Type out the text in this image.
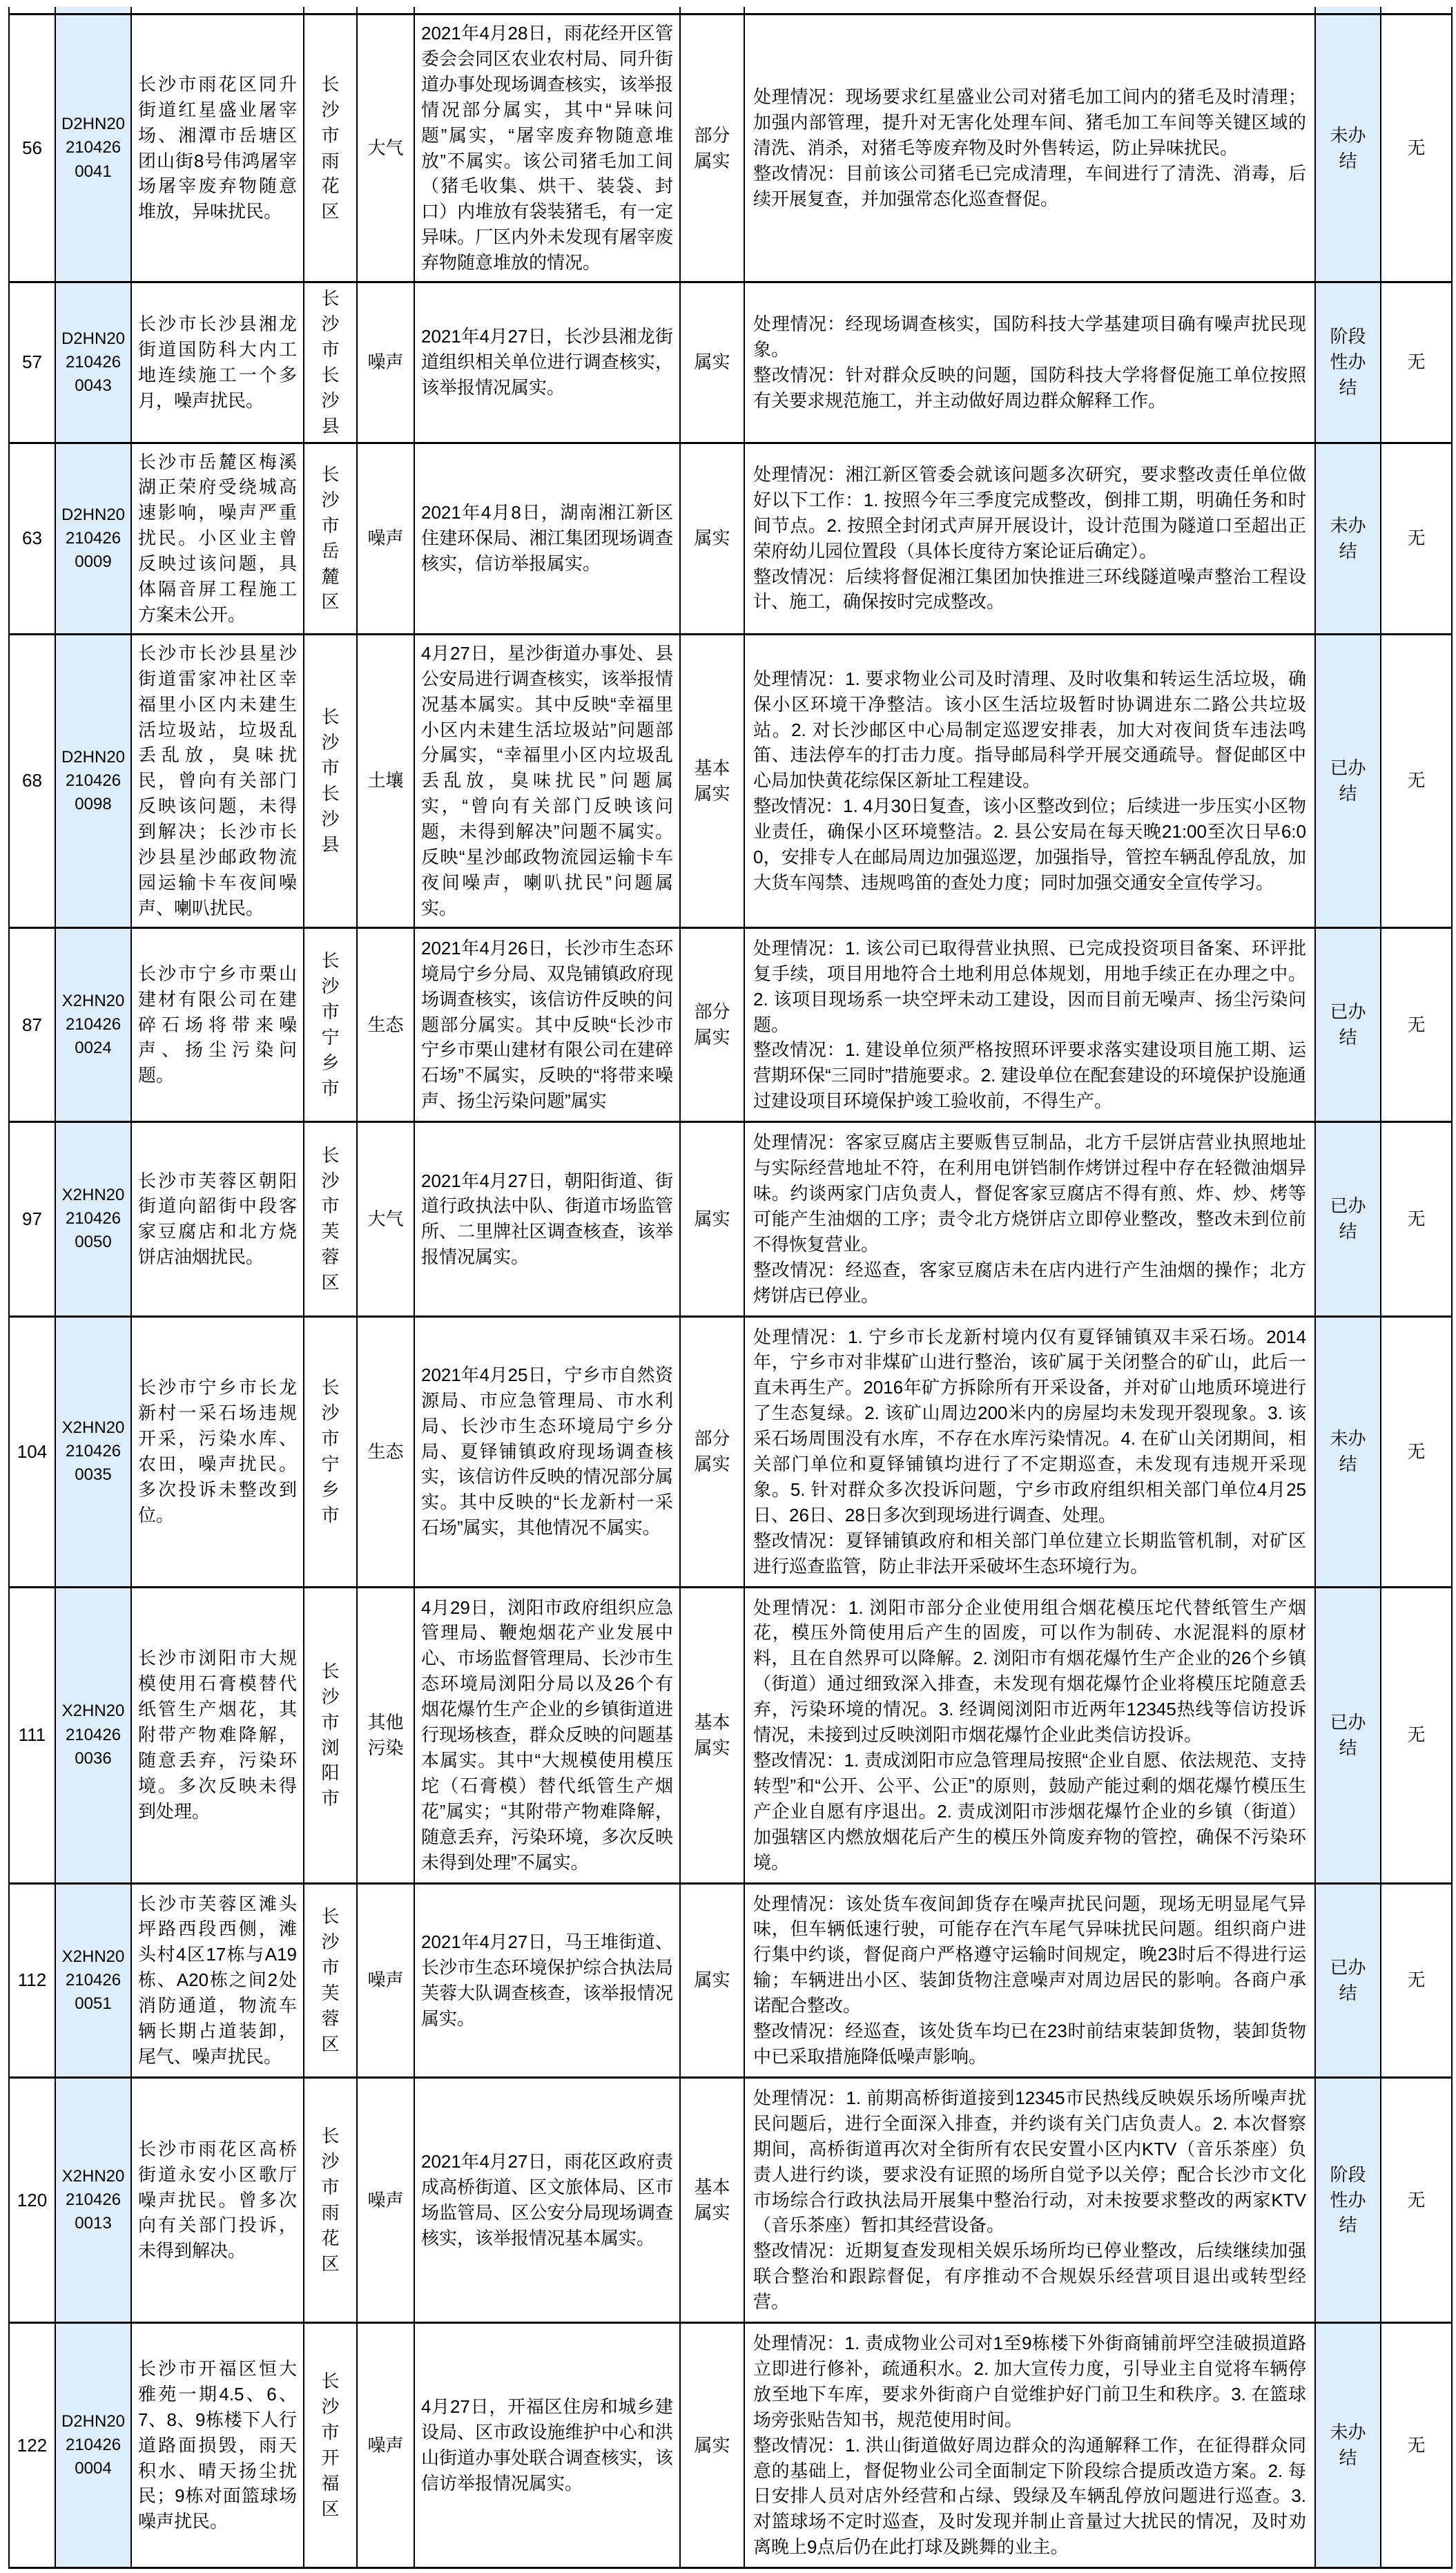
56	D2HN20 210426 0041	长沙市雨花区同升街道红星盛业屠宰场、湘潭市岳塘区团山街8号伟鸿屠宰场屠宰废弃物随意堆放，异味扰民。	长沙市雨花区	大气	2021年4月28日，雨花经开区管委会会同区农业农村局、同升街道办事处现场调查核实，该举报情况部分属实，其中“异味问题”属实，“屠宰废弃物随意堆放”不属实。该公司猪毛加工间（猪毛收集、烘干、装袋、封口）内堆放有袋装猪毛，有一定异味。厂区内外未发现有屠宰废弃物随意堆放的情况。	部分属实	处理情况：现场要求红星盛业公司对猪毛加工间内的猪毛及时清理；加强内部管理，提升对无害化处理车间、猪毛加工车间等关键区域的清洗、消杀，对猪毛等废弃物及时外售转运，防止异味扰民。

整改情况：目前该公司猪毛已完成清理，车间进行了清洗、消毒，后续开展复查，并加强常态化巡查督促。	未办结	无
57	D2HN20 210426 0043	长沙市长沙县湘龙街道国防科大内工地连续施工一个多月，噪声扰民。	长沙市长沙县	噪声	2021年4月27日，长沙县湘龙街道组织相关单位进行调查核实，该举报情况属实。	属实	处理情况：经现场调查核实，国防科技大学基建项目确有噪声扰民现象。

整改情况：针对群众反映的问题，国防科技大学将督促施工单位按照有关要求规范施工，并主动做好周边群众解释工作。	阶段性办结	无
63	D2HN20 210426 0009	长沙市岳麓区梅溪湖正荣府受绕城高速影响，噪声严重扰民。小区业主曾反映过该问题，具体隔音屏工程施工方案未公开。	长沙市岳麓区	噪声	2021年4月8日，湖南湘江新区住建环保局、湘江集团现场调查核实，信访举报属实。	属实	处理情况：湘江新区管委会就该问题多次研究，要求整改责任单位做好以下工作：1. 按照今年三季度完成整改，倒排工期，明确任务和时间节点。2. 按照全封闭式声屏开展设计，设计范围为隧道口至超出正荣府幼儿园位置段（具体长度待方案论证后确定）。

整改情况：后续将督促湘江集团加快推进三环线隧道噪声整治工程设计、施工，确保按时完成整改。	未办结	无
68	D2HN20 210426 0098	长沙市长沙县星沙街道雷家冲社区幸福里小区内未建生活垃圾站，垃圾乱丢乱放，臭味扰民，曾向有关部门反映该问题，未得到解决；长沙市长沙县星沙邮政物流园运输卡车夜间噪声、喇叭扰民。	长沙市长沙县	土壤	4月27日，星沙街道办事处、县公安局进行调查核实，该举报情况基本属实。其中反映“幸福里小区内未建生活垃圾站”问题部分属实，“幸福里小区内垃圾乱丢乱放，臭味扰民”问题属实，“曾向有关部门反映该问题，未得到解决”问题不属实。反映“星沙邮政物流园运输卡车夜间噪声，喇叭扰民”问题属实。	基本属实	处理情况：1. 要求物业公司及时清理、及时收集和转运生活垃圾，确保小区环境干净整洁。该小区生活垃圾暂时协调进东二路公共垃圾站。2. 对长沙邮区中心局制定巡逻安排表，加大对夜间货车违法鸣笛、违法停车的打击力度。指导邮局科学开展交通疏导。督促邮区中心局加快黄花综保区新址工程建设。

整改情况：1. 4月30日复查，该小区整改到位；后续进一步压实小区物业责任，确保小区环境整洁。2. 县公安局在每天晚21:00至次日早6:00，安排专人在邮局周边加强巡逻，加强指导，管控车辆乱停乱放，加大货车闯禁、违规鸣笛的查处力度；同时加强交通安全宣传学习。	已办结	无
87	X2HN20 210426 0024	长沙市宁乡市栗山建材有限公司在建碎石场将带来噪声、扬尘污染问题。	长沙市宁乡市	生态	2021年4月26日，长沙市生态环境局宁乡分局、双凫铺镇政府现场调查核实，该信访件反映的问题部分属实。其中反映“长沙市宁乡市栗山建材有限公司在建碎石场”不属实，反映的“将带来噪声、扬尘污染问题”属实	部分属实	处理情况：1. 该公司已取得营业执照、已完成投资项目备案、环评批复手续，项目用地符合土地利用总体规划，用地手续正在办理之中。2. 该项目现场系一块空坪未动工建设，因而目前无噪声、扬尘污染问题。

整改情况：1. 建设单位须严格按照环评要求落实建设项目施工期、运营期环保“三同时”措施要求。2. 建设单位在配套建设的环境保护设施通过建设项目环境保护竣工验收前，不得生产。	已办结	无
97	X2HN20 210426 0050	长沙市芙蓉区朝阳街道向韶街中段客家豆腐店和北方烧饼店油烟扰民。	长沙市芙蓉区	大气	2021年4月27日，朝阳街道、街道行政执法中队、街道市场监管所、二里牌社区调查核查，该举报情况属实。	属实	处理情况：客家豆腐店主要贩售豆制品，北方千层饼店营业执照地址与实际经营地址不符，在利用电饼铛制作烤饼过程中存在轻微油烟异味。约谈两家门店负责人，督促客家豆腐店不得有煎、炸、炒、烤等可能产生油烟的工序；责令北方烧饼店立即停业整改，整改未到位前不得恢复营业。

整改情况：经巡查，客家豆腐店未在店内进行产生油烟的操作；北方烤饼店已停业。	已办结	无
104	X2HN20 210426 0035	长沙市宁乡市长龙新村一采石场违规开采，污染水库、农田，噪声扰民。多次投诉未整改到位。	长沙市宁乡市	生态	2021年4月25日，宁乡市自然资源局、市应急管理局、市水利局、长沙市生态环境局宁乡分局、夏铎铺镇政府现场调查核实，该信访件反映的情况部分属实。其中反映的“长龙新村一采石场”属实，其他情况不属实。	部分属实	处理情况：1. 宁乡市长龙新村境内仅有夏铎铺镇双丰采石场。2014年，宁乡市对非煤矿山进行整治，该矿属于关闭整合的矿山，此后一直未再生产。2016年矿方拆除所有开采设备，并对矿山地质环境进行了生态复绿。2. 该矿山周边200米内的房屋均未发现开裂现象。3. 该采石场周围没有水库，不存在水库污染情况。4. 在矿山关闭期间，相关部门单位和夏铎铺镇均进行了不定期巡查，未发现有违规开采现象。5. 针对群众多次投诉问题，宁乡市政府组织相关部门单位4月25日、26日、28日多次到现场进行调查、处理。

整改情况：夏铎铺镇政府和相关部门单位建立长期监管机制，对矿区进行巡查监管，防止非法开采破坏生态环境行为。	未办结	无
111	X2HN20 210426 0036	长沙市浏阳市大规模使用石膏模替代纸管生产烟花，其附带产物难降解，随意丢弃，污染环境。多次反映未得到处理。	长沙市浏阳市	其他污染	4月29日，浏阳市政府组织应急管理局、鞭炮烟花产业发展中心、市场监督管理局、长沙市生态环境局浏阳分局以及26个有烟花爆竹生产企业的乡镇街道进行现场核查，群众反映的问题基本属实。其中“大规模使用模压坨（石膏模）替代纸管生产烟花”属实；“其附带产物难降解，随意丢弃，污染环境，多次反映未得到处理”不属实。	基本属实	处理情况：1. 浏阳市部分企业使用组合烟花模压坨代替纸管生产烟花，模压外筒使用后产生的固废，可以作为制砖、水泥混料的原材料，且在自然界可以降解。2. 浏阳市有烟花爆竹生产企业的26个乡镇（街道）通过细致深入排查，未发现有烟花爆竹企业将模压坨随意丢弃，污染环境的情况。3. 经调阅浏阳市近两年12345热线等信访投诉情况，未接到过反映浏阳市烟花爆竹企业此类信访投诉。

整改情况：1. 责成浏阳市应急管理局按照“企业自愿、依法规范、支持转型”和“公开、公平、公正”的原则，鼓励产能过剩的烟花爆竹模压生产企业自愿有序退出。2. 责成浏阳市涉烟花爆竹企业的乡镇（街道）加强辖区内燃放烟花后产生的模压外筒废弃物的管控，确保不污染环境。	已办结	无
112	X2HN20 210426 0051	长沙市芙蓉区滩头坪路西段西侧，滩头村4区17栋与A19栋、A20栋之间2处消防通道，物流车辆长期占道装卸，尾气、噪声扰民。	长沙市芙蓉区	噪声	2021年4月27日，马王堆街道、长沙市生态环境保护综合执法局芙蓉大队调查核查，该举报情况属实。	属实	处理情况：该处货车夜间卸货存在噪声扰民问题，现场无明显尾气异味，但车辆低速行驶，可能存在汽车尾气异味扰民问题。组织商户进行集中约谈，督促商户严格遵守运输时间规定，晚23时后不得进行运输；车辆进出小区、装卸货物注意噪声对周边居民的影响。各商户承诺配合整改。

整改情况：经巡查，该处货车均已在23时前结束装卸货物，装卸货物中已采取措施降低噪声影响。	已办结	无
120	X2HN20 210426 0013	长沙市雨花区高桥街道永安小区歌厅噪声扰民。曾多次向有关部门投诉，未得到解决。	长沙市雨花区	噪声	2021年4月27日，雨花区政府责成高桥街道、区文旅体局、区市场监管局、区公安分局现场调查核实，该举报情况基本属实。	基本属实	处理情况：1. 前期高桥街道接到12345市民热线反映娱乐场所噪声扰民问题后，进行全面深入排查，并约谈有关门店负责人。2. 本次督察期间，高桥街道再次对全街所有农民安置小区内KTV（音乐茶座）负责人进行约谈，要求没有证照的场所自觉予以关停；配合长沙市文化市场综合行政执法局开展集中整治行动，对未按要求整改的两家KTV（音乐茶座）暂扣其经营设备。

整改情况：近期复查发现相关娱乐场所均已停业整改，后续继续加强联合整治和跟踪督促，有序推动不合规娱乐经营项目退出或转型经营。	阶段性办结	无
122	D2HN20 210426 0004	长沙市开福区恒大雅苑一期4.5、6、7、8、9栋楼下人行道路面损毁，雨天积水、晴天扬尘扰民；9栋对面篮球场噪声扰民。	长沙市开福区	噪声	4月27日，开福区住房和城乡建设局、区市政设施维护中心和洪山街道办事处联合调查核实，该信访举报情况属实。	属实	处理情况：1. 责成物业公司对1至9栋楼下外街商铺前坪空洼破损道路立即进行修补，疏通积水。2. 加大宣传力度，引导业主自觉将车辆停放至地下车库，要求外街商户自觉维护好门前卫生和秩序。3. 在篮球场旁张贴告知书，规范使用时间。

整改情况：1. 洪山街道做好周边群众的沟通解释工作，在征得群众同意的基础上，督促物业公司全面制定下阶段综合提质改造方案。2. 每日安排人员对店外经营和占绿、毁绿及车辆乱停放问题进行巡查。3. 对篮球场不定时巡查，及时发现并制止音量过大扰民的情况，及时劝离晚上9点后仍在此打球及跳舞的业主。	未办结	无
